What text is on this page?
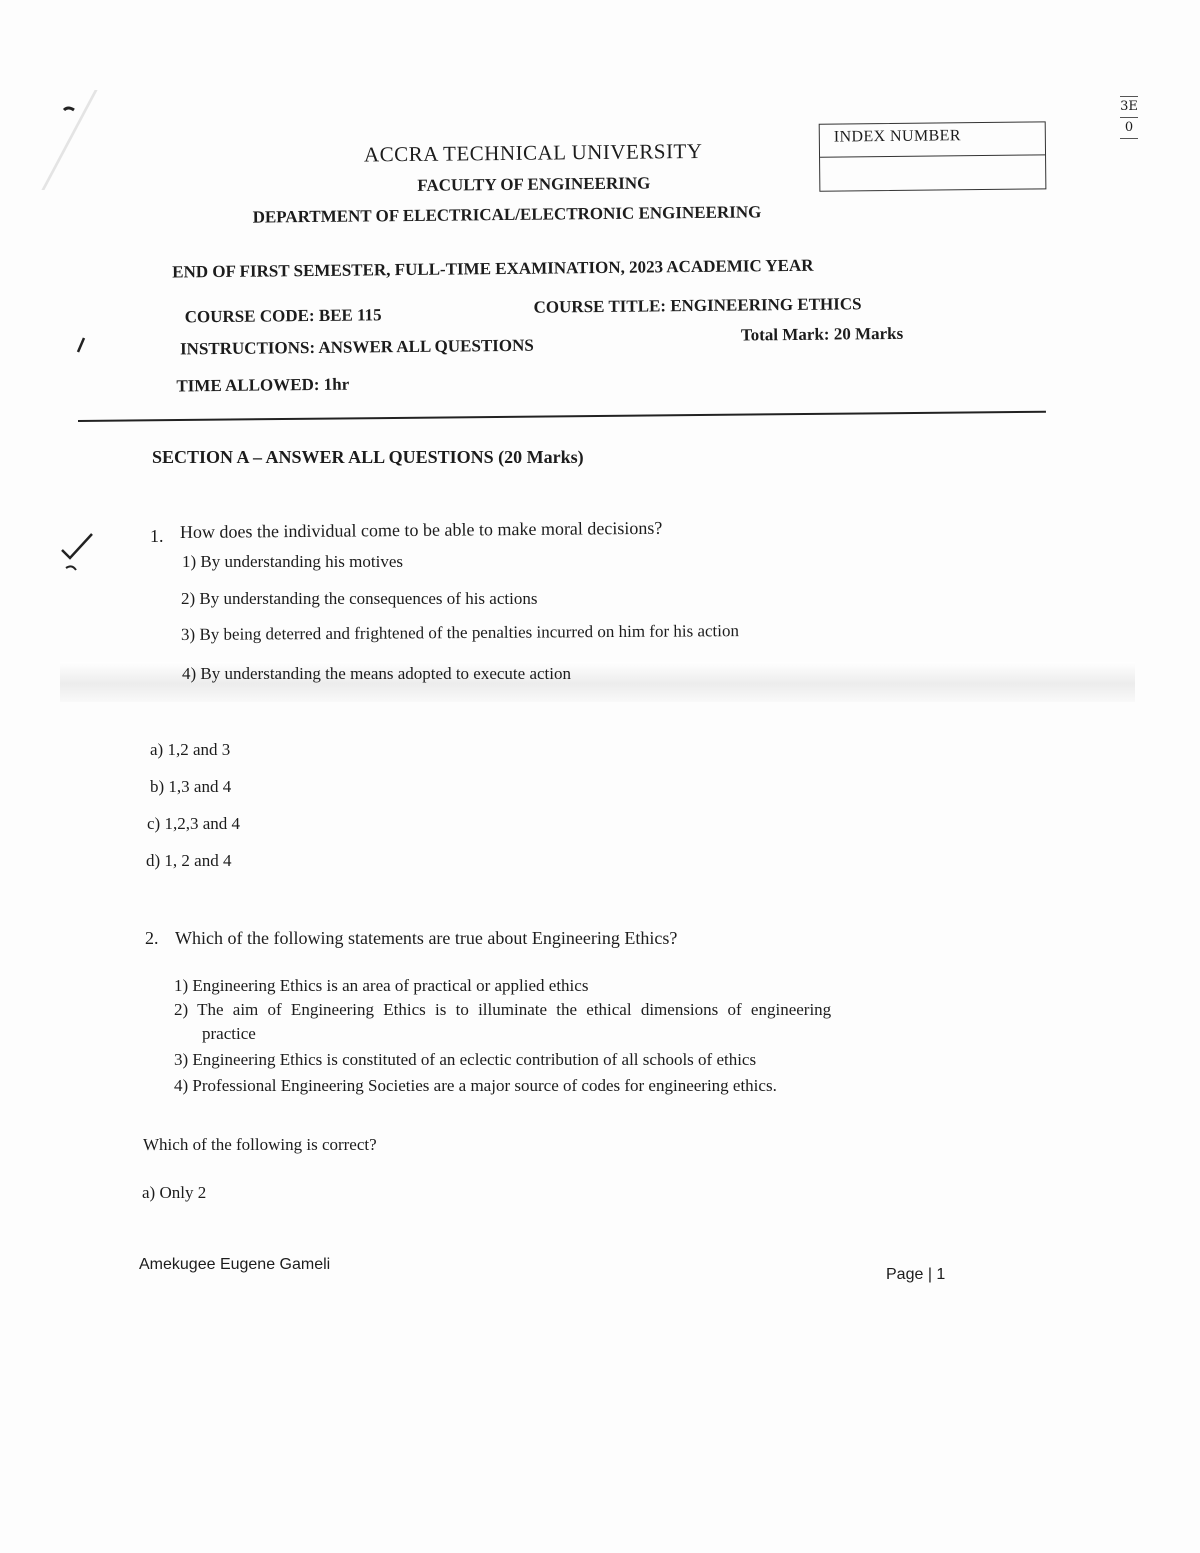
3E
0
ACCRA TECHNICAL UNIVERSITY
FACULTY OF ENGINEERING
DEPARTMENT OF ELECTRICAL/ELECTRONIC ENGINEERING
INDEX NUMBER
END OF FIRST SEMESTER, FULL-TIME EXAMINATION, 2023 ACADEMIC YEAR
COURSE CODE: BEE 115	COURSE TITLE: ENGINEERING ETHICS
INSTRUCTIONS: ANSWER ALL QUESTIONS
Total Mark: 20 Marks
TIME ALLOWED: 1hr
SECTION A – ANSWER ALL QUESTIONS (20 Marks)
1. How does the individual come to be able to make moral decisions?
1) By understanding his motives
2) By understanding the consequences of his actions
3) By being deterred and frightened of the penalties incurred on him for his action
4) By understanding the means adopted to execute action
a) 1,2 and 3
b) 1,3 and 4
c) 1,2,3 and 4
d) 1, 2 and 4
2. Which of the following statements are true about Engineering Ethics?
1) Engineering Ethics is an area of practical or applied ethics
2) The aim of Engineering Ethics is to illuminate the ethical dimensions of engineering
practice
3) Engineering Ethics is constituted of an eclectic contribution of all schools of ethics
4) Professional Engineering Societies are a major source of codes for engineering ethics.
Which of the following is correct?
a) Only 2
Amekugee Eugene Gameli
Page | 1
